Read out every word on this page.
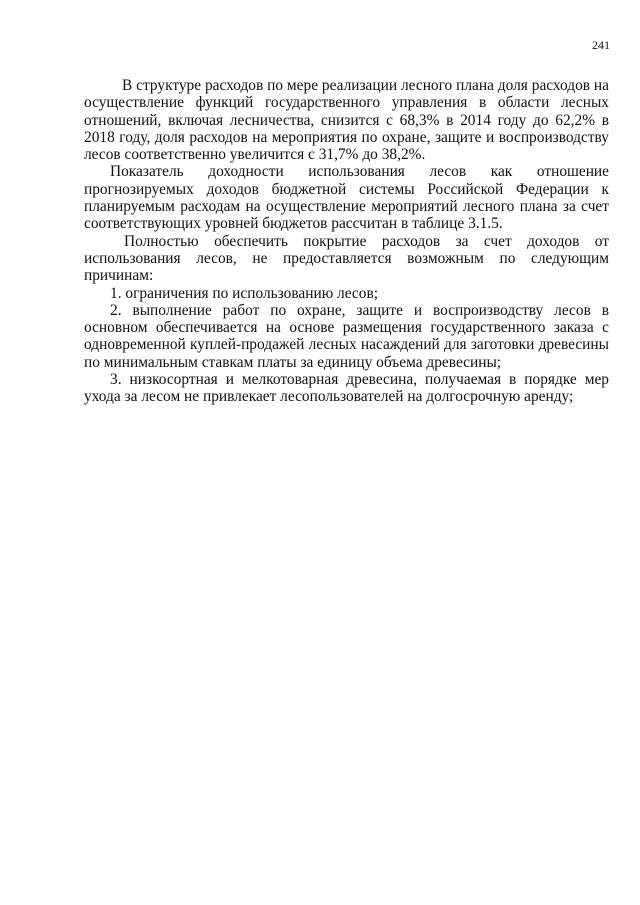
241

В структуре расходов по мере реализации лесного плана доля расходов на осуществление функций государственного управления в области лесных отношений, включая лесничества, снизится с 68,3% в 2014 году до 62,2% в 2018 году, доля расходов на мероприятия по охране, защите и воспроизводству лесов соответственно увеличится с 31,7% до 38,2%.

Показатель доходности использования лесов как отношение прогнозируемых доходов бюджетной системы Российской Федерации к планируемым расходам на осуществление мероприятий лесного плана за счет соответствующих уровней бюджетов рассчитан в таблице 3.1.5.

Полностью обеспечить покрытие расходов за счет доходов от использования лесов, не предоставляется возможным по следующим причинам:

1. ограничения по использованию лесов;

2. выполнение работ по охране, защите и воспроизводству лесов в основном обеспечивается на основе размещения государственного заказа с одновременной куплей-продажей лесных насаждений для заготовки древесины по минимальным ставкам платы за единицу объема древесины;

3. низкосортная и мелкотоварная древесина, получаемая в порядке мер ухода за лесом не привлекает лесопользователей на долгосрочную аренду;
